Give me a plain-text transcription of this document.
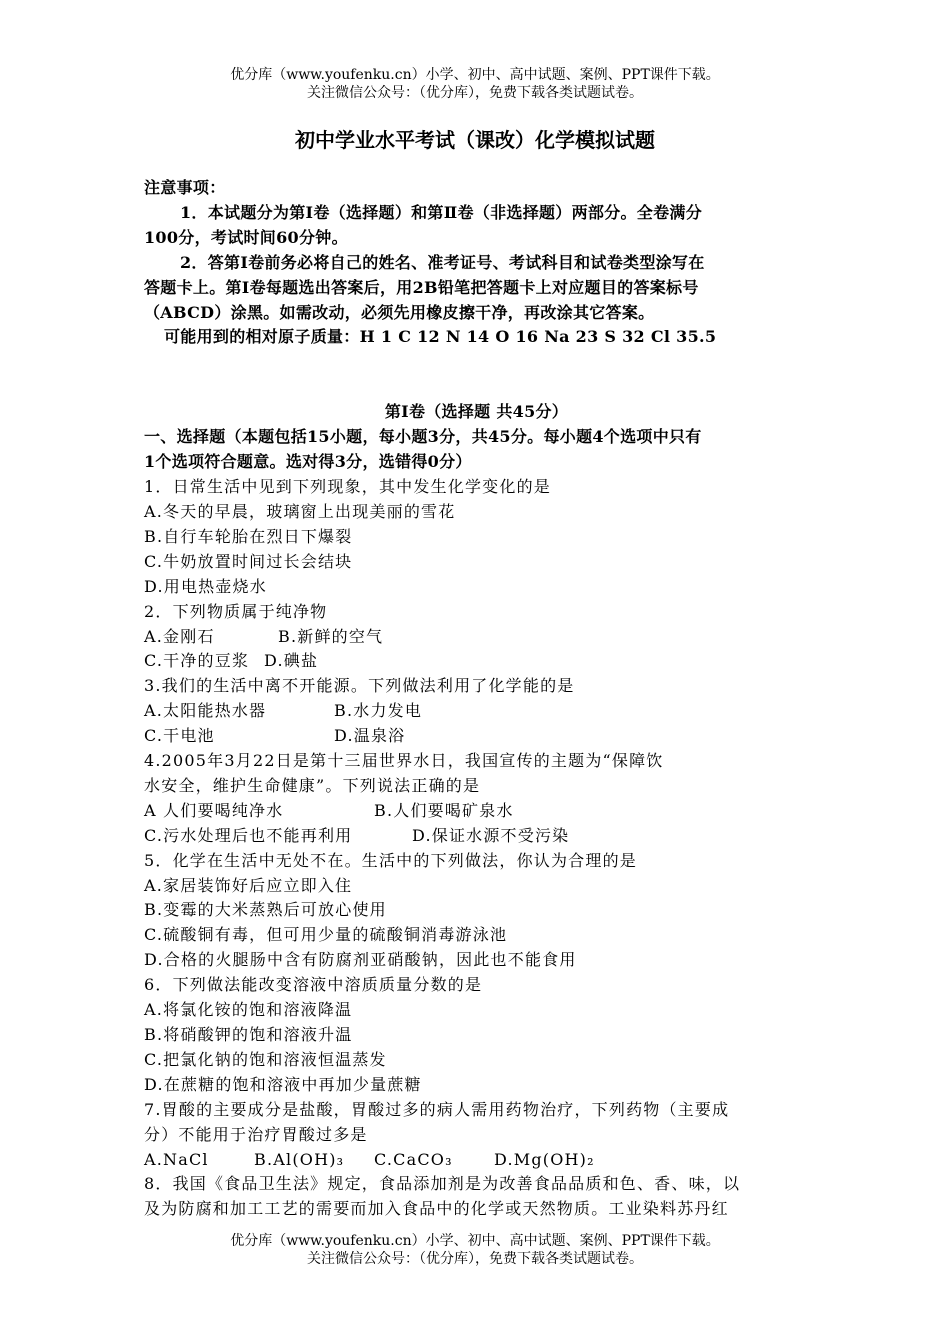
优分库（www.youfenku.cn）小学、初中、高中试题、案例、PPT课件下载。
关注微信公众号：（优分库），免费下载各类试题试卷。
初中学业水平考试（课改）化学模拟试题

注意事项：

1．本试题分为第Ⅰ卷（选择题）和第Ⅱ卷（非选择题）两部分。全卷满分

100分，考试时间60分钟。

2．答第Ⅰ卷前务必将自己的姓名、准考证号、考试科目和试卷类型涂写在

答题卡上。第Ⅰ卷每题选出答案后，用2B铅笔把答题卡上对应题目的答案标号

（ABCD）涂黑。如需改动，必须先用橡皮擦干净，再改涂其它答案。

可能用到的相对原子质量：H 1 C 12 N 14 O 16 Na 23 S 32 Cl 35.5

第Ⅰ卷（选择题 共45分）

一、选择题（本题包括15小题，每小题3分，共45分。每小题4个选项中只有

1个选项符合题意。选对得3分，选错得0分）

1．日常生活中见到下列现象，其中发生化学变化的是

A.冬天的早晨，玻璃窗上出现美丽的雪花

B.自行车轮胎在烈日下爆裂

C.牛奶放置时间过长会结块

D.用电热壶烧水

2．下列物质属于纯净物

A.金刚石	B.新鲜的空气

C.干净的豆浆 D.碘盐

3.我们的生活中离不开能源。下列做法利用了化学能的是

A.太阳能热水器	B.水力发电

C.干电池	D.温泉浴

4.2005年3月22日是第十三届世界水日，我国宣传的主题为“保障饮

水安全，维护生命健康”。下列说法正确的是

A 人们要喝纯净水	B.人们要喝矿泉水

C.污水处理后也不能再利用	D.保证水源不受污染

5．化学在生活中无处不在。生活中的下列做法，你认为合理的是

A.家居装饰好后应立即入住

B.变霉的大米蒸熟后可放心使用

C.硫酸铜有毒，但可用少量的硫酸铜消毒游泳池

D.合格的火腿肠中含有防腐剂亚硝酸钠，因此也不能食用

6．下列做法能改变溶液中溶质质量分数的是

A.将氯化铵的饱和溶液降温

B.将硝酸钾的饱和溶液升温

C.把氯化钠的饱和溶液恒温蒸发

D.在蔗糖的饱和溶液中再加少量蔗糖

7.胃酸的主要成分是盐酸，胃酸过多的病人需用药物治疗，下列药物（主要成

分）不能用于治疗胃酸过多是

A.NaCl	B.Al(OH)₃ C.CaCO₃	D.Mg(OH)₂

8．我国《食品卫生法》规定，食品添加剂是为改善食品品质和色、香、味，以

及为防腐和加工工艺的需要而加入食品中的化学或天然物质。工业染料苏丹红

优分库（www.youfenku.cn）小学、初中、高中试题、案例、PPT课件下载。
关注微信公众号：（优分库），免费下载各类试题试卷。
